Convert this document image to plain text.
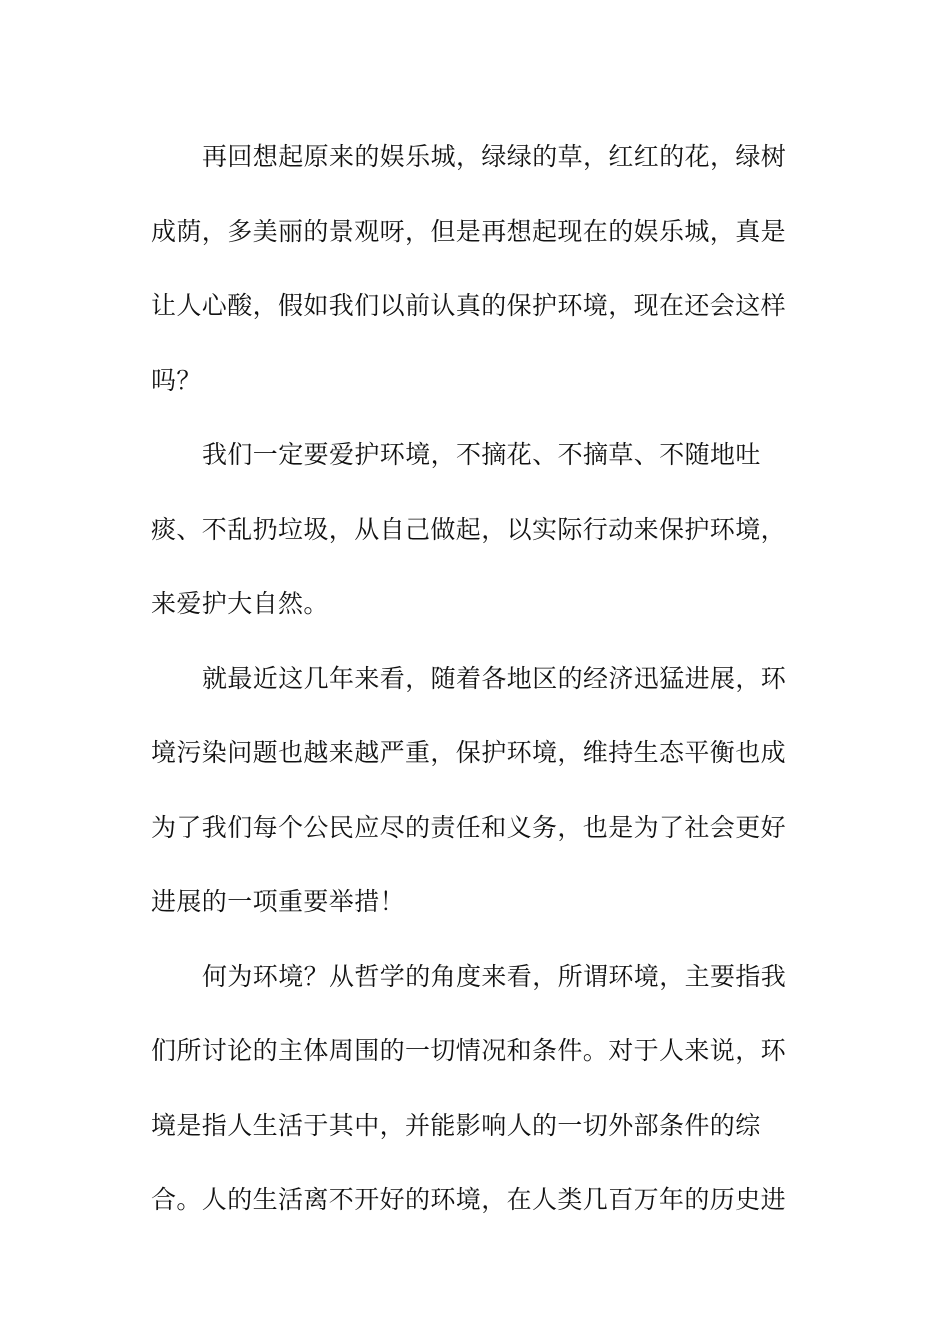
再回想起原来的娱乐城，绿绿的草，红红的花，绿树
成荫，多美丽的景观呀，但是再想起现在的娱乐城，真是
让人心酸，假如我们以前认真的保护环境，现在还会这样
吗？
我们一定要爱护环境，不摘花、不摘草、不随地吐
痰、不乱扔垃圾，从自己做起，以实际行动来保护环境，
来爱护大自然。
就最近这几年来看，随着各地区的经济迅猛进展，环
境污染问题也越来越严重，保护环境，维持生态平衡也成
为了我们每个公民应尽的责任和义务，也是为了社会更好
进展的一项重要举措！
何为环境？从哲学的角度来看，所谓环境，主要指我
们所讨论的主体周围的一切情况和条件。对于人来说，环
境是指人生活于其中，并能影响人的一切外部条件的综
合。人的生活离不开好的环境，在人类几百万年的历史进
